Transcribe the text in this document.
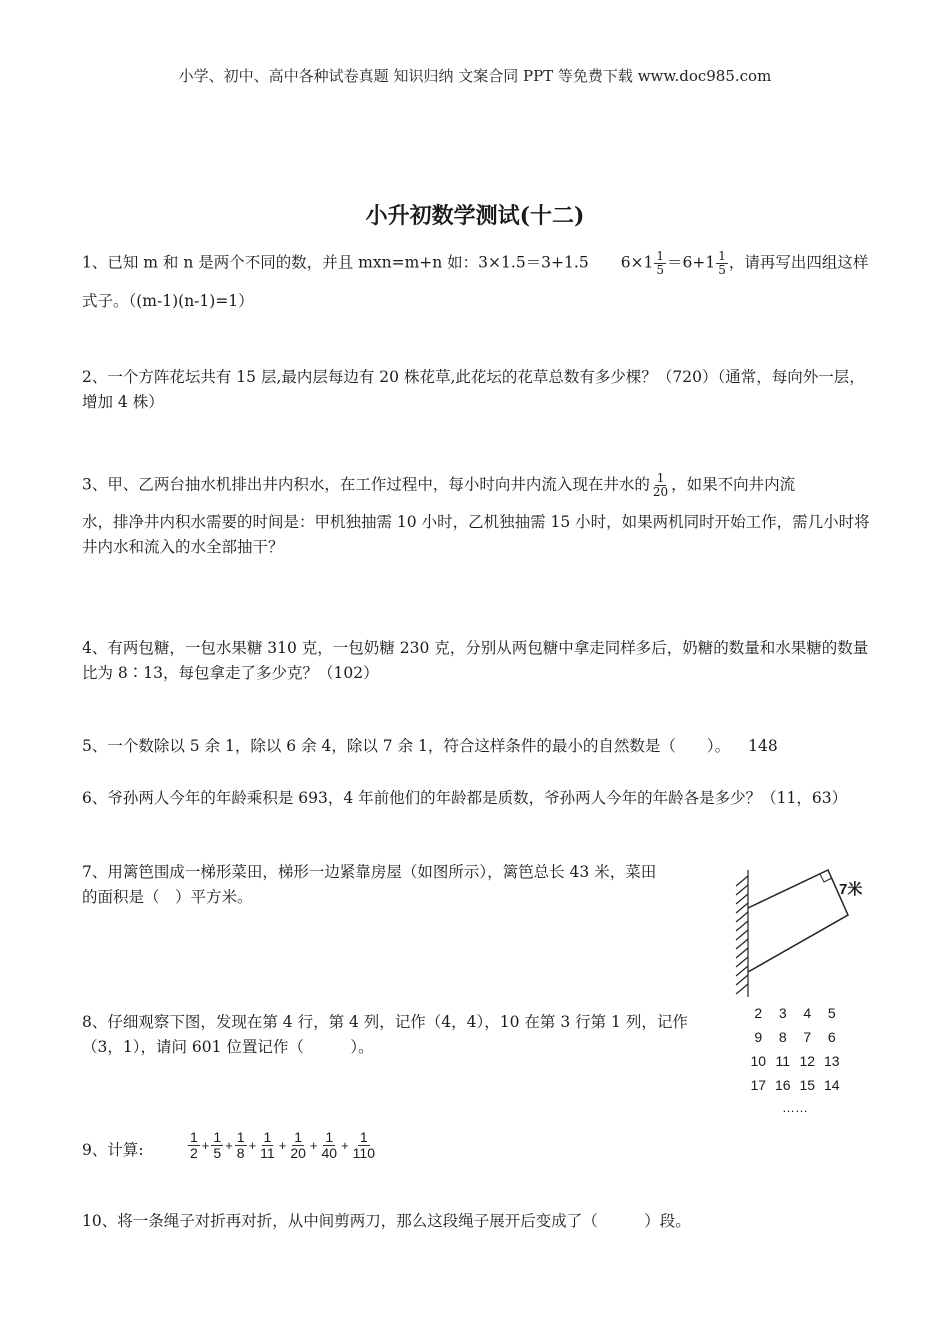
小学、初中、高中各种试卷真题 知识归纳 文案合同 PPT 等免费下载 www.doc985.com
小升初数学测试(十二)
1、已知 m 和 n 是两个不同的数，并且 mxn=m+n 如：3×1.5＝3+1.5 $6\times 1 \frac{1}{5} =6+1 \frac{1}{5}$ ，请再写出四组这样
式子。（(m-1)(n-1)=1）
2、一个方阵花坛共有 15 层,最内层每边有 20 株花草,此花坛的花草总数有多少棵？（720）（通常，每向外一层，增加 4 株）
3、甲、乙两台抽水机排出井内积水，在工作过程中，每小时向井内流入现在井水的 $\frac{1}{20}$ ，如果不向井内流
水，排净井内积水需要的时间是：甲机独抽需 10 小时，乙机独抽需 15 小时，如果两机同时开始工作，需几小时将井内水和流入的水全部抽干？
4、有两包糖，一包水果糖 310 克，一包奶糖 230 克，分别从两包糖中拿走同样多后，奶糖的数量和水果糖的数量比为 8∶13，每包拿走了多少克？（102）
5、一个数除以 5 余 1，除以 6 余 4，除以 7 余 1，符合这样条件的最小的自然数是（　　）。 148
6、爷孙两人今年的年龄乘积是 693，4 年前他们的年龄都是质数，爷孙两人今年的年龄各是多少？（11，63）
7、用篱笆围成一梯形菜田，梯形一边紧靠房屋（如图所示），篱笆总长 43 米，菜田
的面积是（　）平方米。	7米
8、仔细观察下图，发现在第 4 行，第 4 列，记作（4，4），10 在第 3 行第 1 列，记作
（3，1），请问 601 位置记作（　　　）。
2	3	4	5
9	8	7	6
10 11 12 13
17 16 15 14
……
9、计算:	$\frac{1}{2} + \frac{1}{5} + \frac{1}{8} + \frac{1}{11} + \frac{1}{20} + \frac{1}{40} + \frac{1}{110}$
10、将一条绳子对折再对折，从中间剪两刀，那么这段绳子展开后变成了（　　　）段。
